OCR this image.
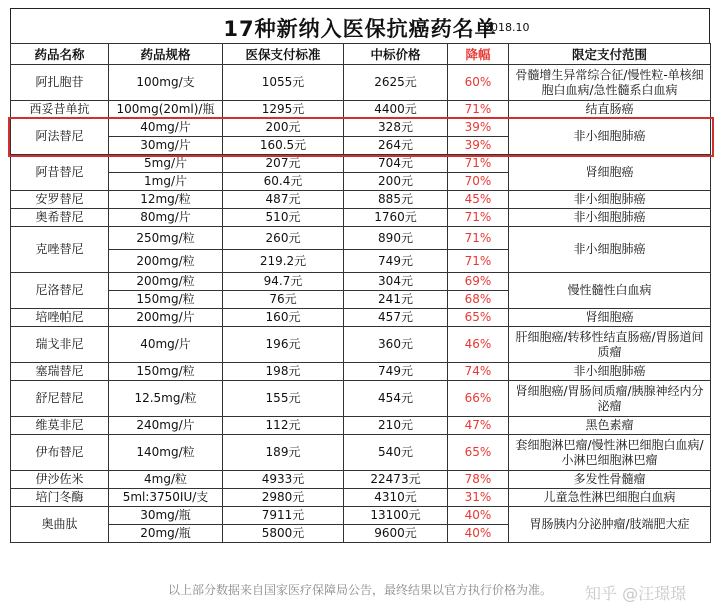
17种新纳入医保抗癌药名单
2018.10
药品名称	药品规格	医保支付标准	中标价格	降幅	限定支付范围
阿扎胞苷	100mg/支	1055元	2625元	60%	骨髓增生异常综合征/慢性粒-单核细胞白血病/急性髓系白血病
西妥昔单抗	100mg(20ml)/瓶	1295元	4400元	71%	结直肠癌
阿法替尼	40mg/片	200元	328元	39%	非小细胞肺癌
	30mg/片	160.5元	264元	39%	
阿昔替尼	5mg/片	207元	704元	71%	肾细胞癌
	1mg/片	60.4元	200元	70%	
安罗替尼	12mg/粒	487元	885元	45%	非小细胞肺癌
奥希替尼	80mg/片	510元	1760元	71%	非小细胞肺癌
克唑替尼	250mg/粒	260元	890元	71%	非小细胞肺癌
	200mg/粒	219.2元	749元	71%	
尼洛替尼	200mg/粒	94.7元	304元	69%	慢性髓性白血病
	150mg/粒	76元	241元	68%	
培唑帕尼	200mg/片	160元	457元	65%	肾细胞癌
瑞戈非尼	40mg/片	196元	360元	46%	肝细胞癌/转移性结直肠癌/胃肠道间质瘤
塞瑞替尼	150mg/粒	198元	749元	74%	非小细胞肺癌
舒尼替尼	12.5mg/粒	155元	454元	66%	肾细胞癌/胃肠间质瘤/胰腺神经内分泌瘤
维莫非尼	240mg/片	112元	210元	47%	黑色素瘤
伊布替尼	140mg/粒	189元	540元	65%	套细胞淋巴瘤/慢性淋巴细胞白血病/小淋巴细胞淋巴瘤
伊沙佐米	4mg/粒	4933元	22473元	78%	多发性骨髓瘤
培门冬酶	5ml:3750IU/支	2980元	4310元	31%	儿童急性淋巴细胞白血病
奥曲肽	30mg/瓶	7911元	13100元	40%	胃肠胰内分泌肿瘤/肢端肥大症
	20mg/瓶	5800元	9600元	40%	
以上部分数据来自国家医疗保障局公告，最终结果以官方执行价格为准。	知乎 @汪璟璟
